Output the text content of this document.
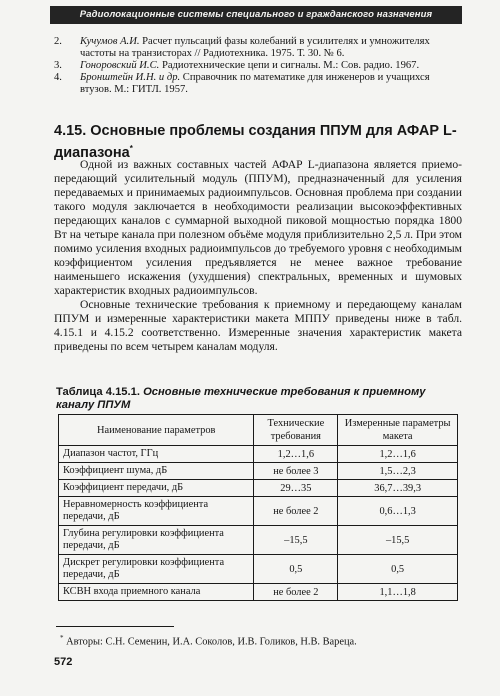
Радиолокационные системы специального и гражданского назначения
2. Кучумов А.И. Расчет пульсаций фазы колебаний в усилителях и умножителях частоты на транзисторах // Радиотехника. 1975. Т. 30. № 6.
3. Гоноровский И.С. Радиотехнические цепи и сигналы. М.: Сов. радио. 1967.
4. Бронштейн И.Н. и др. Справочник по математике для инженеров и учащихся втузов. М.: ГИТЛ. 1957.
4.15. Основные проблемы создания ППУМ для АФАР L-диапазона*

Одной из важных составных частей АФАР L-диапазона является приемо-передающий усилительный модуль (ППУМ), предназначенный для усиления передаваемых и принимаемых радиоимпульсов. Основная проблема при создании такого модуля заключается в необходимости реализации высокоэффективных передающих каналов с суммарной выходной пиковой мощностью порядка 1800 Вт на четыре канала при полезном объёме модуля приблизительно 2,5 л. При этом помимо усиления входных радиоимпульсов до требуемого уровня с необходимым коэффициентом усиления предъявляется не менее важное требование наименьшего искажения (ухудшения) спектральных, временных и шумовых характеристик входных радиоимпульсов.

Основные технические требования к приемному и передающему каналам ППУМ и измеренные характеристики макета МППУ приведены ниже в табл. 4.15.1 и 4.15.2 соответственно. Измеренные значения характеристик макета приведены по всем четырем каналам модуля.

Таблица 4.15.1. Основные технические требования к приемному каналу ППУМ
Наименование параметров	Технические требования	Измеренные параметры макета
Диапазон частот, ГГц	1,2…1,6	1,2…1,6
Коэффициент шума, дБ	не более 3	1,5…2,3
Коэффициент передачи, дБ	29…35	36,7…39,3
Неравномерность коэффициента передачи, дБ	не более 2	0,6…1,3
Глубина регулировки коэффициента передачи, дБ	–15,5	–15,5
Дискрет регулировки коэффициента передачи, дБ	0,5	0,5
КСВН входа приемного канала	не более 2	1,1…1,8
* Авторы: С.Н. Семенин, И.А. Соколов, И.В. Голиков, Н.В. Вареца.
572
